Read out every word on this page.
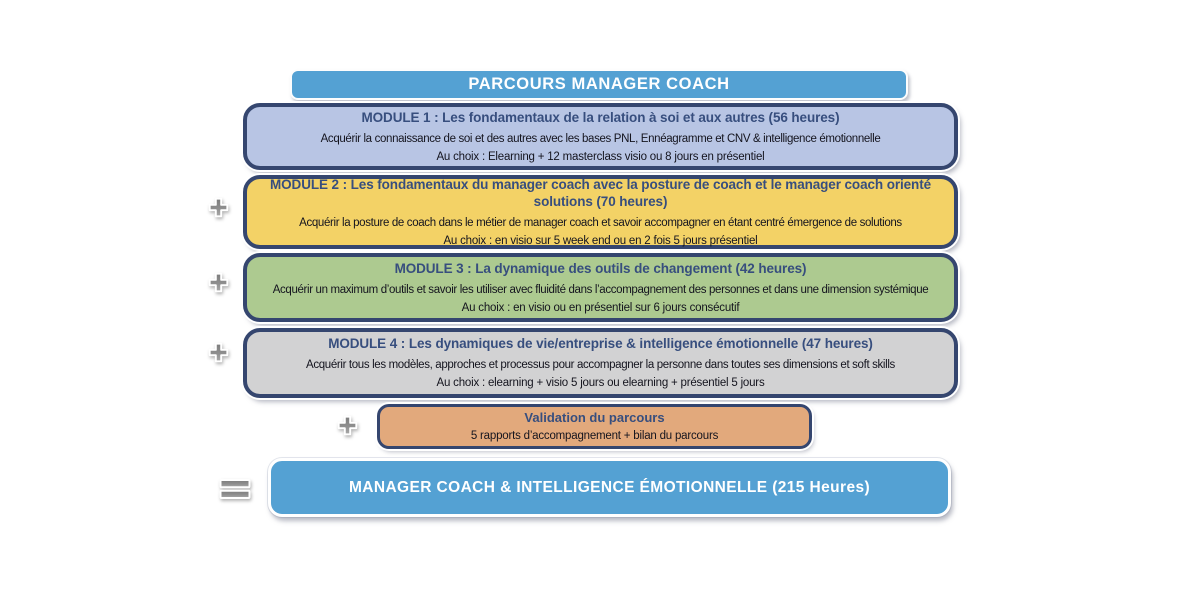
PARCOURS MANAGER COACH
MODULE 1 : Les fondamentaux de la relation à soi et aux autres (56 heures)
Acquérir la connaissance de soi et des autres avec les bases PNL, Ennéagramme et CNV & intelligence émotionnelle
Au choix : Elearning + 12 masterclass visio ou 8 jours en présentiel
MODULE 2 : Les fondamentaux du manager coach avec la posture de coach et le manager coach orienté solutions (70 heures)
Acquérir la posture de coach dans le métier de manager coach et savoir accompagner en étant centré émergence de solutions
Au choix : en visio sur 5 week end ou en 2 fois 5 jours présentiel
MODULE 3 : La dynamique des outils de changement (42 heures)
Acquérir un maximum d’outils et savoir les utiliser avec fluidité dans l’accompagnement des personnes et dans une dimension systémique
Au choix : en visio ou en présentiel sur 6 jours consécutif
MODULE 4 : Les dynamiques de vie/entreprise & intelligence émotionnelle (47 heures)
Acquérir tous les modèles, approches et processus pour accompagner la personne dans toutes ses dimensions et soft skills
Au choix : elearning + visio 5 jours ou elearning + présentiel 5 jours
Validation du parcours
5 rapports d’accompagnement + bilan du parcours
MANAGER COACH & INTELLIGENCE ÉMOTIONNELLE (215 Heures)
